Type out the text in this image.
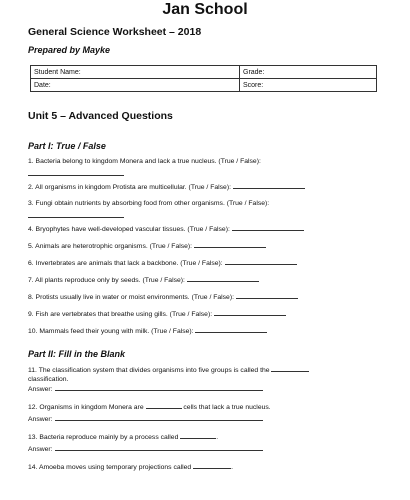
Jan School
General Science Worksheet – 2018
Prepared by Mayke
Student Name:	Grade:
Date:	Score:
Unit 5 – Advanced Questions
Part I: True / False
1. Bacteria belong to kingdom Monera and lack a true nucleus. (True / False):

2. All organisms in kingdom Protista are multicellular. (True / False):
3. Fungi obtain nutrients by absorbing food from other organisms. (True / False):

4. Bryophytes have well-developed vascular tissues. (True / False):
5. Animals are heterotrophic organisms. (True / False):
6. Invertebrates are animals that lack a backbone. (True / False):
7. All plants reproduce only by seeds. (True / False):
8. Protists usually live in water or moist environments. (True / False):
9. Fish are vertebrates that breathe using gills. (True / False):
10. Mammals feed their young with milk. (True / False):
Part II: Fill in the Blank
11. The classification system that divides organisms into five groups is called the
classification.
Answer:
12. Organisms in kingdom Monera are	cells that lack a true nucleus.
Answer:
13. Bacteria reproduce mainly by a process called	.
Answer:
14. Amoeba moves using temporary projections called	.
